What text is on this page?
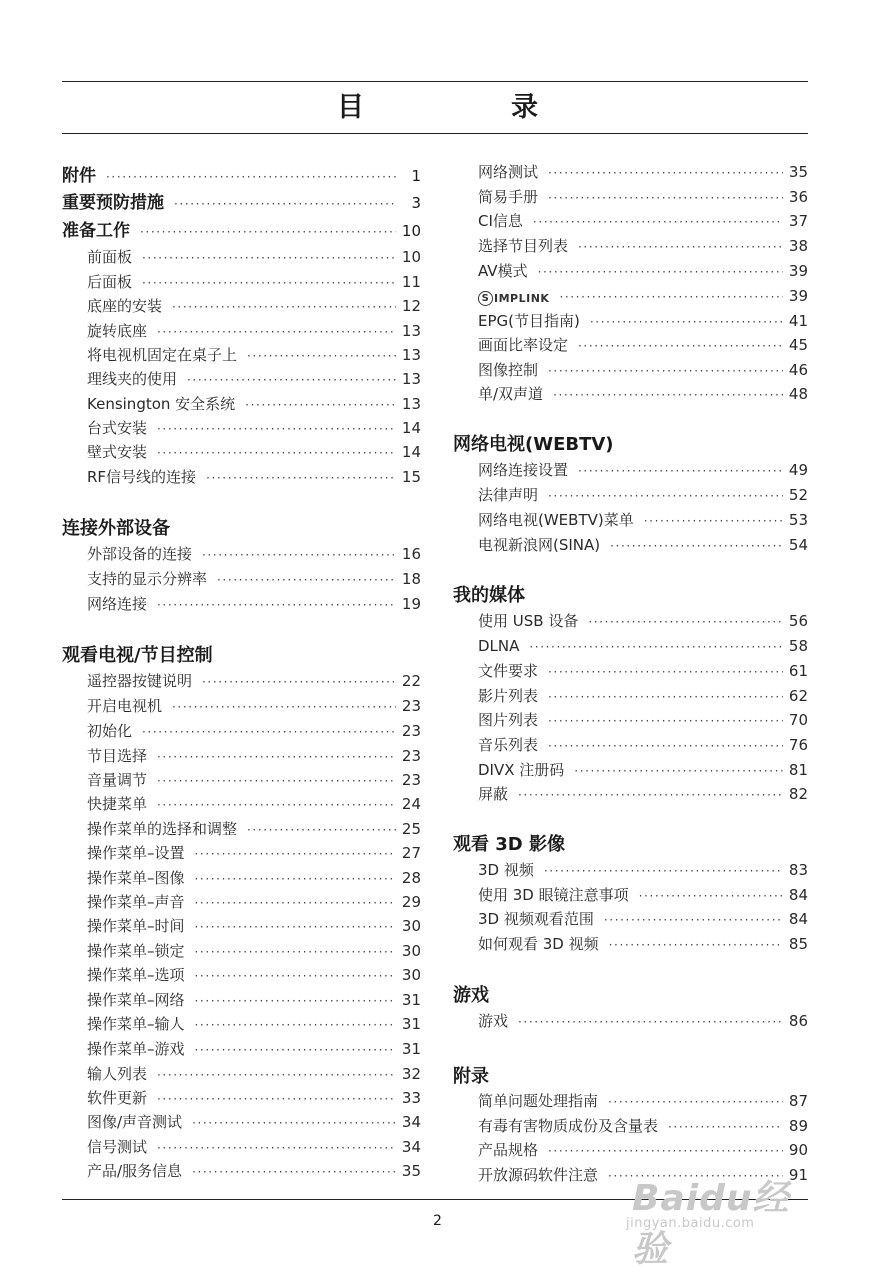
目　录
附件 ·····	1
重要预防措施 ·····	3
准备工作 ·····	10
前面板 ·····	10
后面板 ·····	11
底座的安装 ·····	12
旋转底座 ·····	13
将电视机固定在桌子上 ·····	13
理线夹的使用 ·····	13
Kensington 安全系统 ·····	13
台式安装 ·····	14
壁式安装 ·····	14
RF信号线的连接 ·····	15
连接外部设备
外部设备的连接 ·····	16
支持的显示分辨率 ·····	18
网络连接 ·····	19
观看电视/节目控制
遥控器按键说明 ·····	22
开启电视机 ·····	23
初始化 ·····	23
节目选择 ·····	23
音量调节 ·····	23
快捷菜单 ·····	24
操作菜单的选择和调整 ·····	25
操作菜单–设置 ·····	27
操作菜单–图像 ·····	28
操作菜单–声音 ·····	29
操作菜单–时间 ·····	30
操作菜单–锁定 ·····	30
操作菜单–选项 ·····	30
操作菜单–网络 ·····	31
操作菜单–输人 ·····	31
操作菜单–游戏 ·····	31
输人列表 ·····	32
软件更新 ·····	33
图像/声音测试 ·····	34
信号测试 ·····	34
产品/服务信息 ·····	35
网络测试 ·····	35
简易手册 ·····	36
CI信息 ·····	37
选择节目列表 ·····	38
AV模式 ·····	39
S IMPLINK ·····	39
EPG(节目指南) ·····	41
画面比率设定 ·····	45
图像控制 ·····	46
单/双声道 ·····	48
网络电视(WEBTV)
网络连接设置 ·····	49
法律声明 ·····	52
网络电视(WEBTV)菜单 ·····	53
电视新浪网(SINA) ·····	54
我的媒体
使用 USB 设备 ·····	56
DLNA ·····	58
文件要求 ·····	61
影片列表 ·····	62
图片列表 ·····	70
音乐列表 ·····	76
DIVX 注册码 ·····	81
屏蔽 ·····	82
观看 3D 影像
3D 视频 ·····	83
使用 3D 眼镜注意事项 ·····	84
3D 视频观看范围 ·····	84
如何观看 3D 视频 ·····	85
游戏
游戏 ·····	86
附录
简单问题处理指南 ·····	87
有毒有害物质成份及含量表 ·····	89
产品规格 ·····	90
开放源码软件注意 ·····	91
2
Baidu经验
jingyan.baidu.com
